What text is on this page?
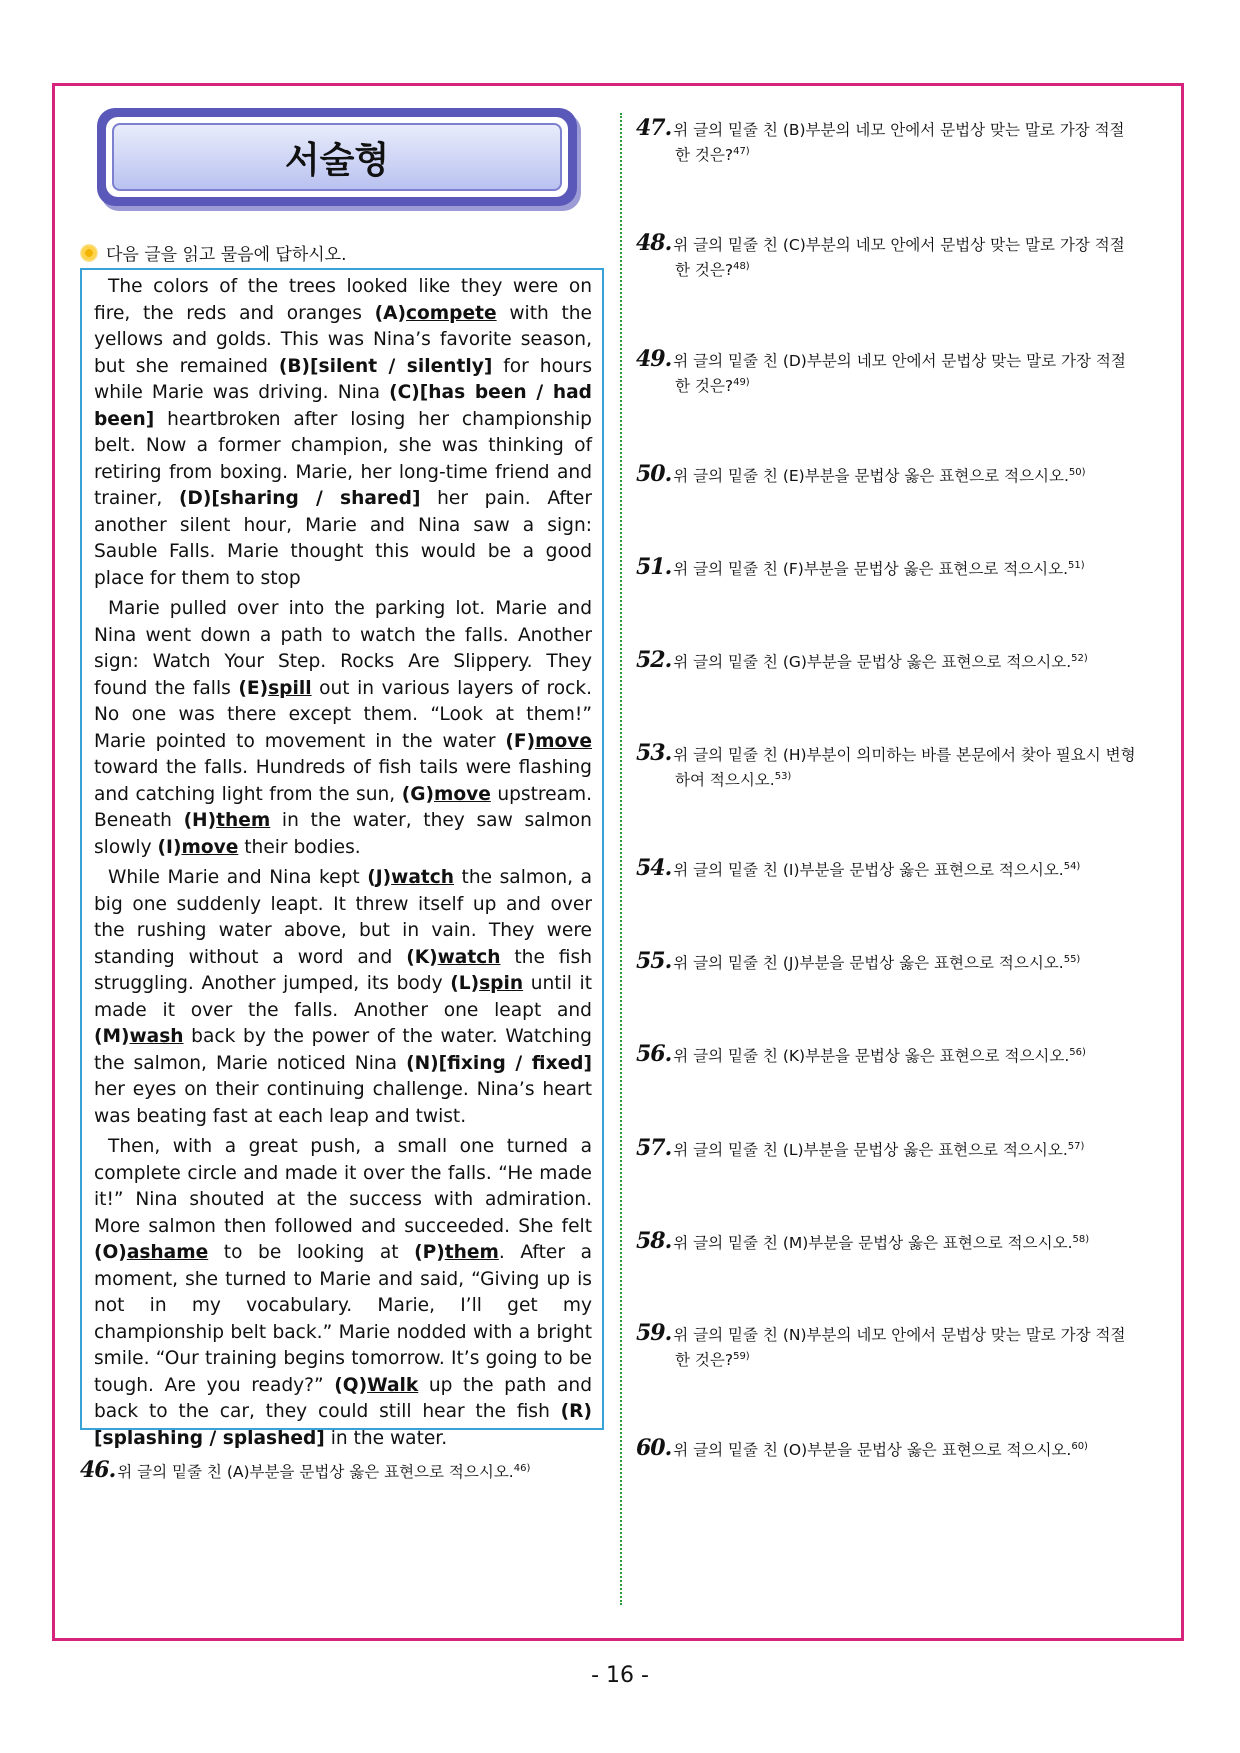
서술형
다음 글을 읽고 물음에 답하시오.

The colors of the trees looked like they were on fire, the reds and oranges (A)compete with the yellows and golds. This was Nina’s favorite season, but she remained (B)[silent / silently] for hours while Marie was driving. Nina (C)[has been / had been] heartbroken after losing her championship belt. Now a former champion, she was thinking of retiring from boxing. Marie, her long-time friend and trainer, (D)[sharing / shared] her pain. After another silent hour, Marie and Nina saw a sign: Sauble Falls. Marie thought this would be a good place for them to stop

Marie pulled over into the parking lot. Marie and Nina went down a path to watch the falls. Another sign: Watch Your Step. Rocks Are Slippery. They found the falls (E)spill out in various layers of rock. No one was there except them. “Look at them!” Marie pointed to movement in the water (F)move toward the falls. Hundreds of fish tails were flashing and catching light from the sun, (G)move upstream. Beneath (H)them in the water, they saw salmon slowly (I)move their bodies.

While Marie and Nina kept (J)watch the salmon, a big one suddenly leapt. It threw itself up and over the rushing water above, but in vain. They were standing without a word and (K)watch the fish struggling. Another jumped, its body (L)spin until it made it over the falls. Another one leapt and (M)wash back by the power of the water. Watching the salmon, Marie noticed Nina (N)[fixing / fixed] her eyes on their continuing challenge. Nina’s heart was beating fast at each leap and twist.

Then, with a great push, a small one turned a complete circle and made it over the falls. “He made it!” Nina shouted at the success with admiration. More salmon then followed and succeeded. She felt (O)ashame to be looking at (P)them. After a moment, she turned to Marie and said, “Giving up is not in my vocabulary. Marie, I’ll get my championship belt back.” Marie nodded with a bright smile. “Our training begins tomorrow. It’s going to be tough. Are you ready?” (Q)Walk up the path and back to the car, they could still hear the fish (R)[splashing / splashed] in the water.

46. 위 글의 밑줄 친 (A)부분을 문법상 옳은 표현으로 적으시오.$^{46)}$
47. 위 글의 밑줄 친 (B)부분의 네모 안에서 문법상 맞는 말로 가장 적절
한 것은?$^{47)}$
48. 위 글의 밑줄 친 (C)부분의 네모 안에서 문법상 맞는 말로 가장 적절
한 것은?$^{48)}$
49. 위 글의 밑줄 친 (D)부분의 네모 안에서 문법상 맞는 말로 가장 적절
한 것은?$^{49)}$
50. 위 글의 밑줄 친 (E)부분을 문법상 옳은 표현으로 적으시오.$^{50)}$
51. 위 글의 밑줄 친 (F)부분을 문법상 옳은 표현으로 적으시오.$^{51)}$
52. 위 글의 밑줄 친 (G)부분을 문법상 옳은 표현으로 적으시오.$^{52)}$
53. 위 글의 밑줄 친 (H)부분이 의미하는 바를 본문에서 찾아 필요시 변형
하여 적으시오.$^{53)}$
54. 위 글의 밑줄 친 (I)부분을 문법상 옳은 표현으로 적으시오.$^{54)}$
55. 위 글의 밑줄 친 (J)부분을 문법상 옳은 표현으로 적으시오.$^{55)}$
56. 위 글의 밑줄 친 (K)부분을 문법상 옳은 표현으로 적으시오.$^{56)}$
57. 위 글의 밑줄 친 (L)부분을 문법상 옳은 표현으로 적으시오.$^{57)}$
58. 위 글의 밑줄 친 (M)부분을 문법상 옳은 표현으로 적으시오.$^{58)}$
59. 위 글의 밑줄 친 (N)부분의 네모 안에서 문법상 맞는 말로 가장 적절
한 것은?$^{59)}$
60. 위 글의 밑줄 친 (O)부분을 문법상 옳은 표현으로 적으시오.$^{60)}$
- 16 -
